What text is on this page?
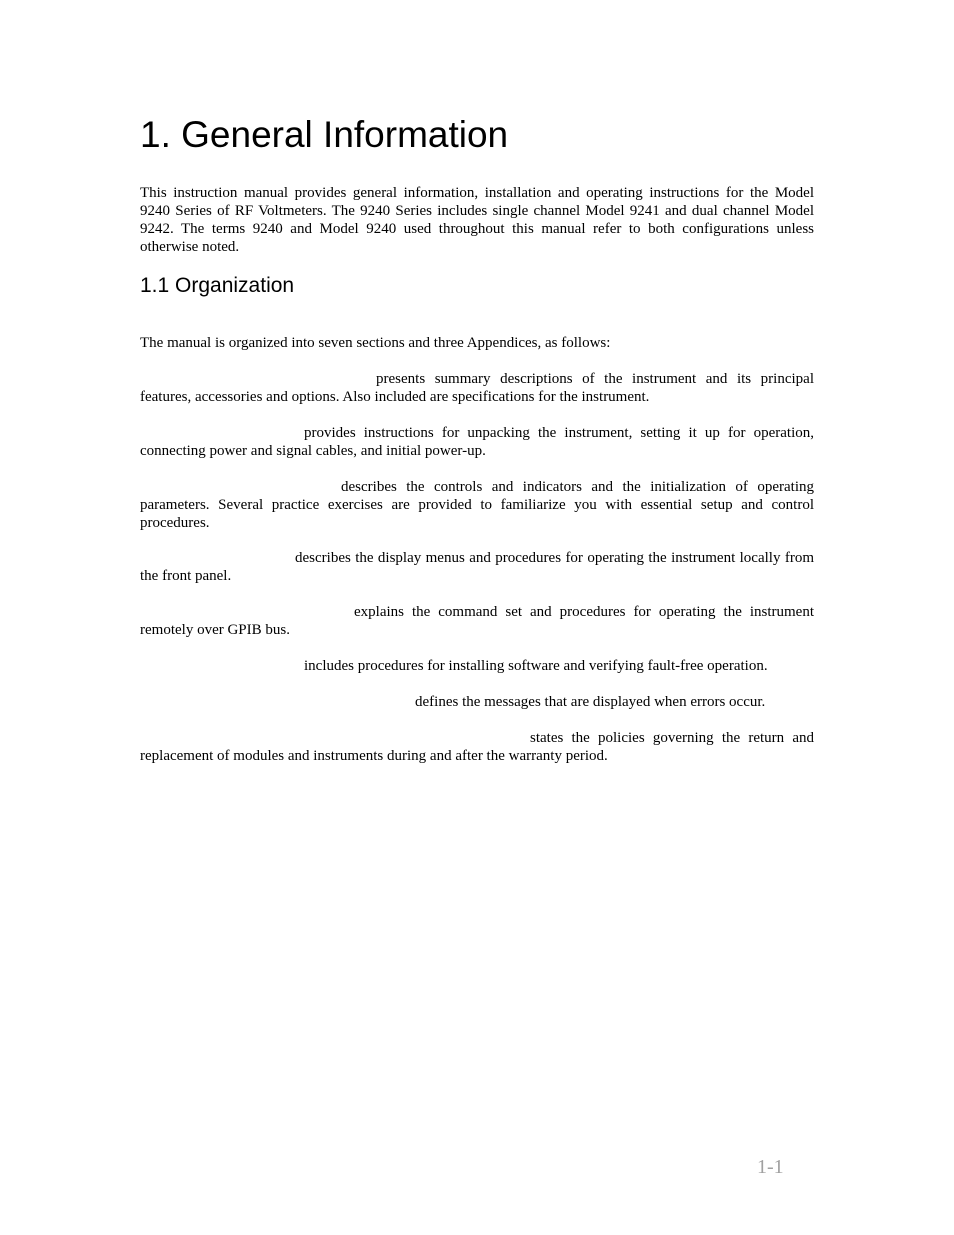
1. General Information

This instruction manual provides general information, installation and operating instructions for the Model 9240 Series of RF Voltmeters. The 9240 Series includes single channel Model 9241 and dual channel Model 9242. The terms 9240 and Model 9240 used throughout this manual refer to both configurations unless otherwise noted.

1.1 Organization

The manual is organized into seven sections and three Appendices, as follows:

presents summary descriptions of the instrument and its principal features, accessories and options. Also included are specifications for the instrument.

provides instructions for unpacking the instrument, setting it up for operation, connecting power and signal cables, and initial power-up.

describes the controls and indicators and the initialization of operating parameters. Several practice exercises are provided to familiarize you with essential setup and control procedures.

describes the display menus and procedures for operating the instrument locally from the front panel.

explains the command set and procedures for operating the instrument remotely over GPIB bus.

includes procedures for installing software and verifying fault-free operation.

defines the messages that are displayed when errors occur.

states the policies governing the return and replacement of modules and instruments during and after the warranty period.

1-1
